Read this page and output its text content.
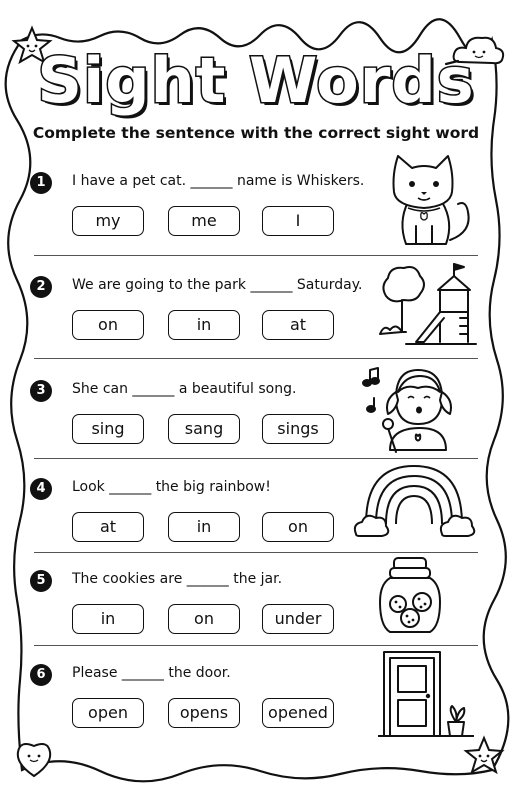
Sight Words
Complete the sentence with the correct sight word
1	I have a pet cat. ______ name is Whiskers.
my	me	I
2	We are going to the park ______ Saturday.
on	in	at
3	She can ______ a beautiful song.
sing	sang	sings
4	Look ______ the big rainbow!
at	in	on
5	The cookies are ______ the jar.
in	on	under
6	Please ______ the door.
open	opens	opened
